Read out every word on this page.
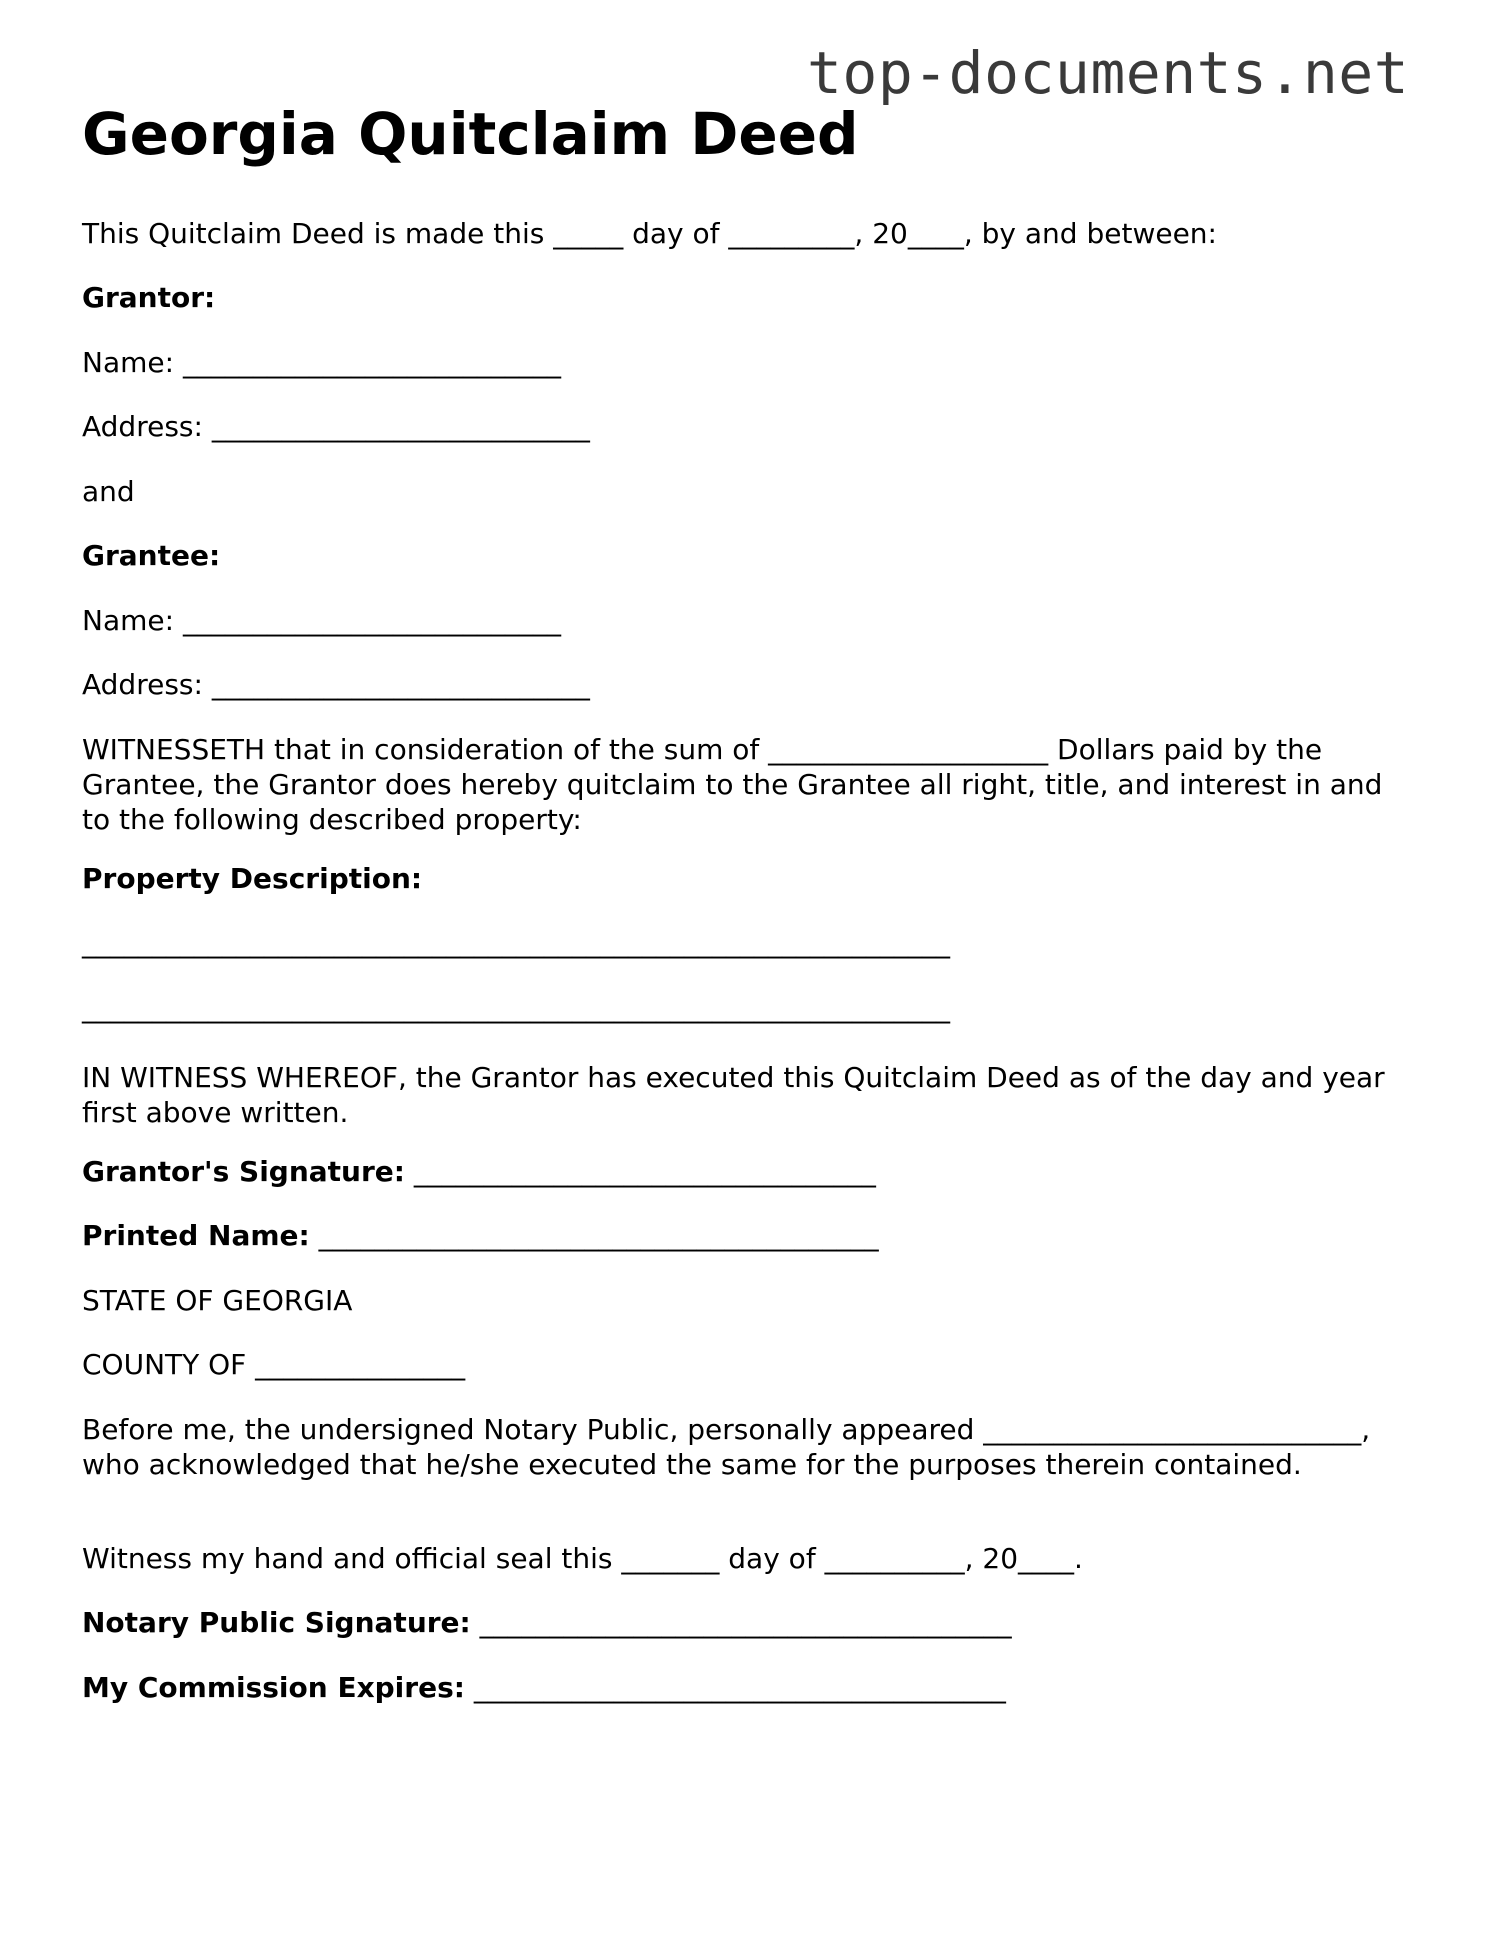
top-documents.net
Georgia Quitclaim Deed

This Quitclaim Deed is made this _____ day of _________, 20____, by and between:

Grantor:

Name: ___________________________

Address: ___________________________

and

Grantee:

Name: ___________________________

Address: ___________________________

WITNESSETH that in consideration of the sum of ____________________ Dollars paid by the Grantee, the Grantor does hereby quitclaim to the Grantee all right, title, and interest in and to the following described property:

Property Description:

______________________________________________________________

______________________________________________________________

IN WITNESS WHEREOF, the Grantor has executed this Quitclaim Deed as of the day and year first above written.

Grantor's Signature: _________________________________

Printed Name: ________________________________________

STATE OF GEORGIA

COUNTY OF _______________

Before me, the undersigned Notary Public, personally appeared ___________________________, who acknowledged that he/she executed the same for the purposes therein contained.

Witness my hand and official seal this _______ day of __________, 20____.

Notary Public Signature: ______________________________________

My Commission Expires: ______________________________________
